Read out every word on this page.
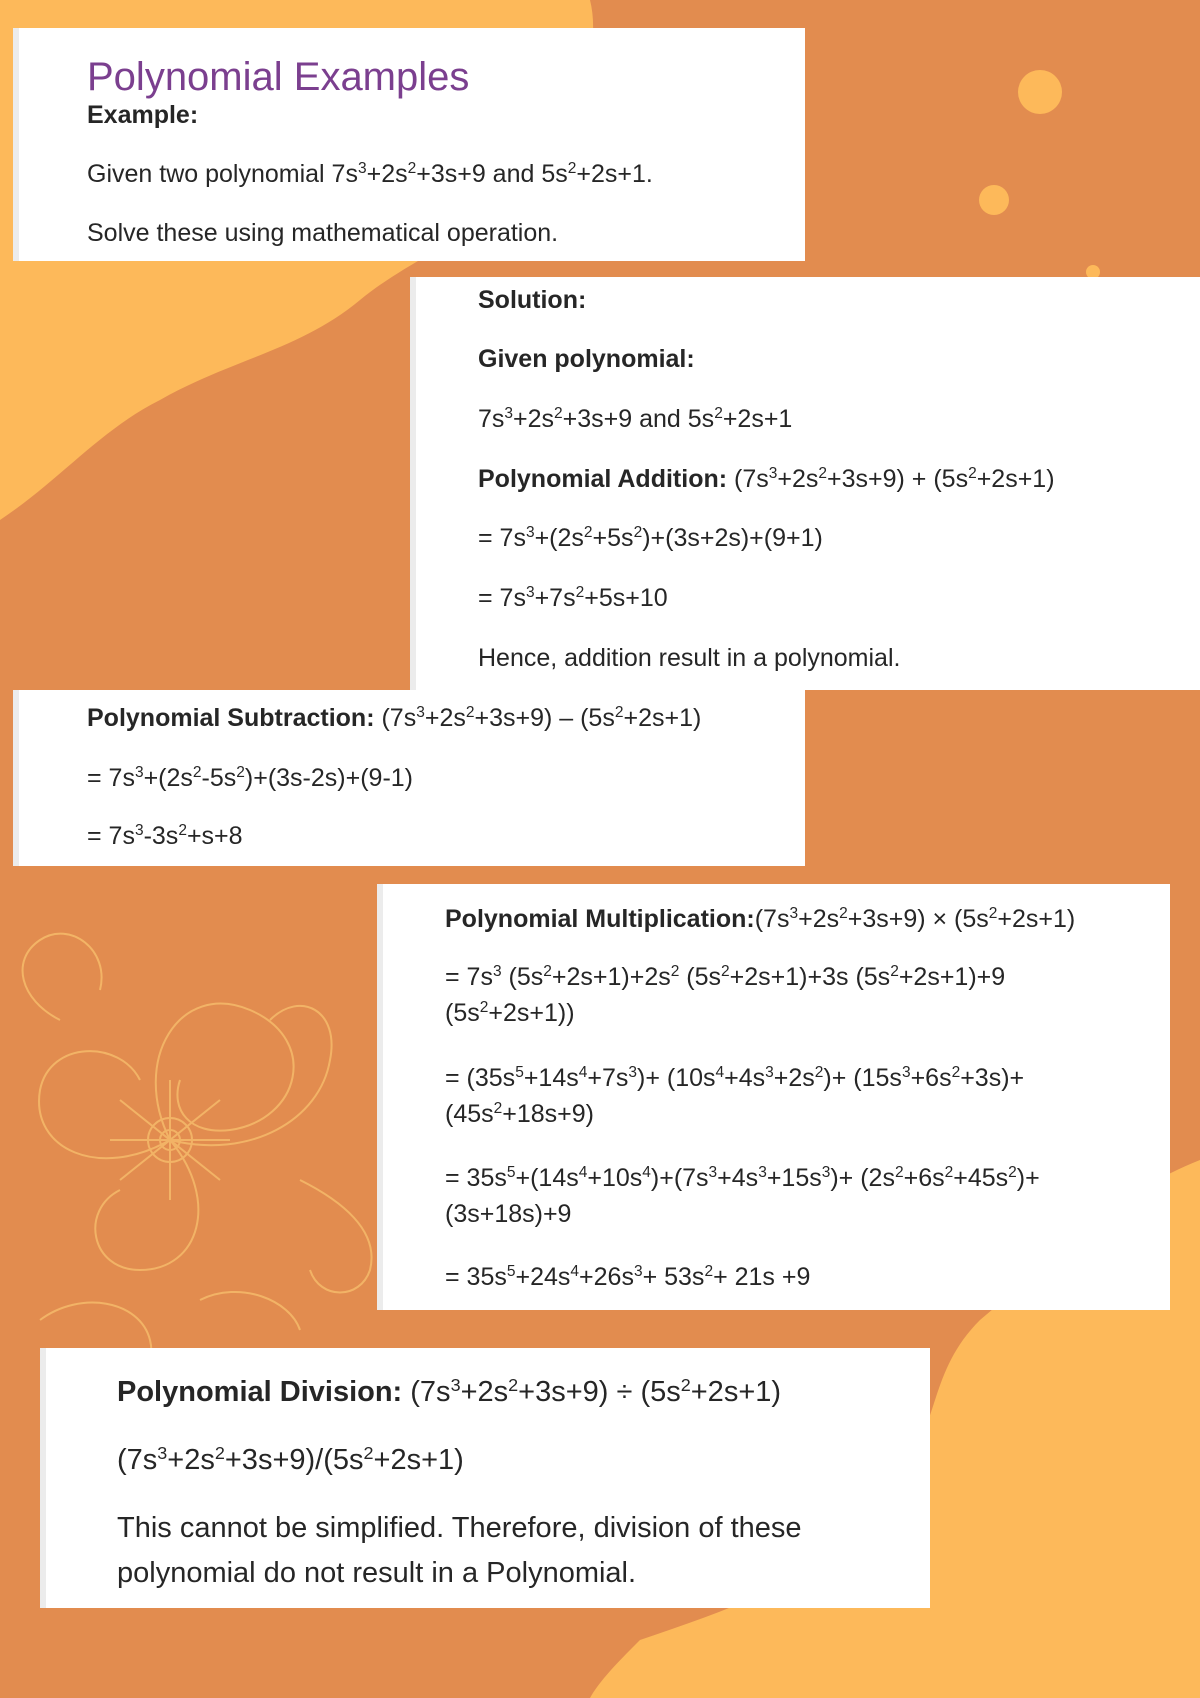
Polynomial Examples
Example:
Given two polynomial $7s^3+2s^2+3s+9$ and $5s^2+2s+1$.
Solve these using mathematical operation.
Solution:
Given polynomial:
$7s^3+2s^2+3s+9$ and $5s^2+2s+1$
Polynomial Addition: $(7s^3+2s^2+3s+9) + (5s^2+2s+1)$
= $7s^3+(2s^2+5s^2)+(3s+2s)+(9+1)$
= $7s^3+7s^2+5s+10$
Hence, addition result in a polynomial.
Polynomial Subtraction: $(7s^3+2s^2+3s+9) - (5s^2+2s+1)$
= $7s^3+(2s^2-5s^2)+(3s-2s)+(9-1)$
= $7s^3-3s^2+s+8$
Polynomial $Multiplication:(7s^3+2s^2+3s+9) \times (5s^2+2s+1)$
= $7s^3$ $(5s^2+2s+1)+2s^2$ $(5s^2+2s+1)+3s$ $(5s^2+2s+1)+9$ $(5s^2+2s+1)$)
= $(35s^5+14s^4+7s^3)+ (10s^4+4s^3+2s^2)+ (15s^3+6s^2+3s)+ (45s^2+18s+9)$
= $35s^5+(14s^4+10s^4)+(7s^3+4s^3+15s^3)+ (2s^2+6s^2+45s^2)+ (3s+18s)+9$
= $35s^5+24s^4+26s^3+ 53s^2+ 21s +9$
Polynomial Division: $(7s^3+2s^2+3s+9) \div (5s^2+2s+1)$
$(7s^3+2s^2+3s+9)/(5s^2+2s+1)$
This cannot be simplified. Therefore, division of these polynomial do not result in a Polynomial.
